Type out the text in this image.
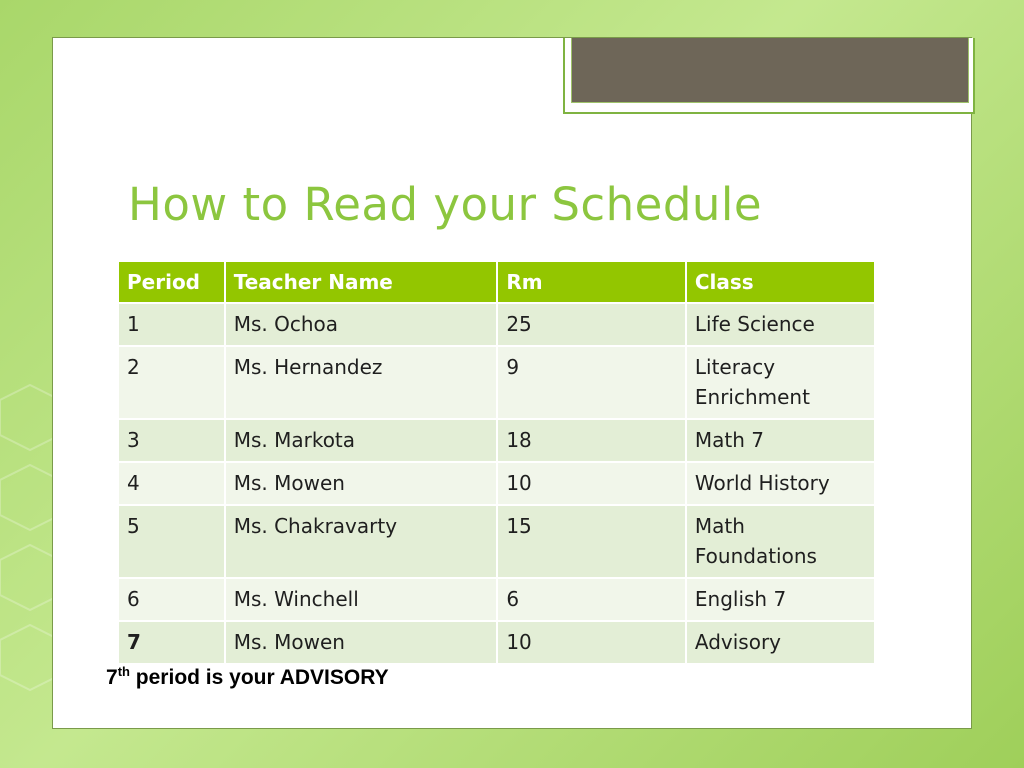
How to Read your Schedule
Period	Teacher Name	Rm	Class
1	Ms. Ochoa	25	Life Science
2	Ms. Hernandez	9	Literacy Enrichment
3	Ms. Markota	18	Math 7
4	Ms. Mowen	10	World History
5	Ms. Chakravarty	15	Math Foundations
6	Ms. Winchell	6	English 7
7	Ms. Mowen	10	Advisory

7th period is your ADVISORY
